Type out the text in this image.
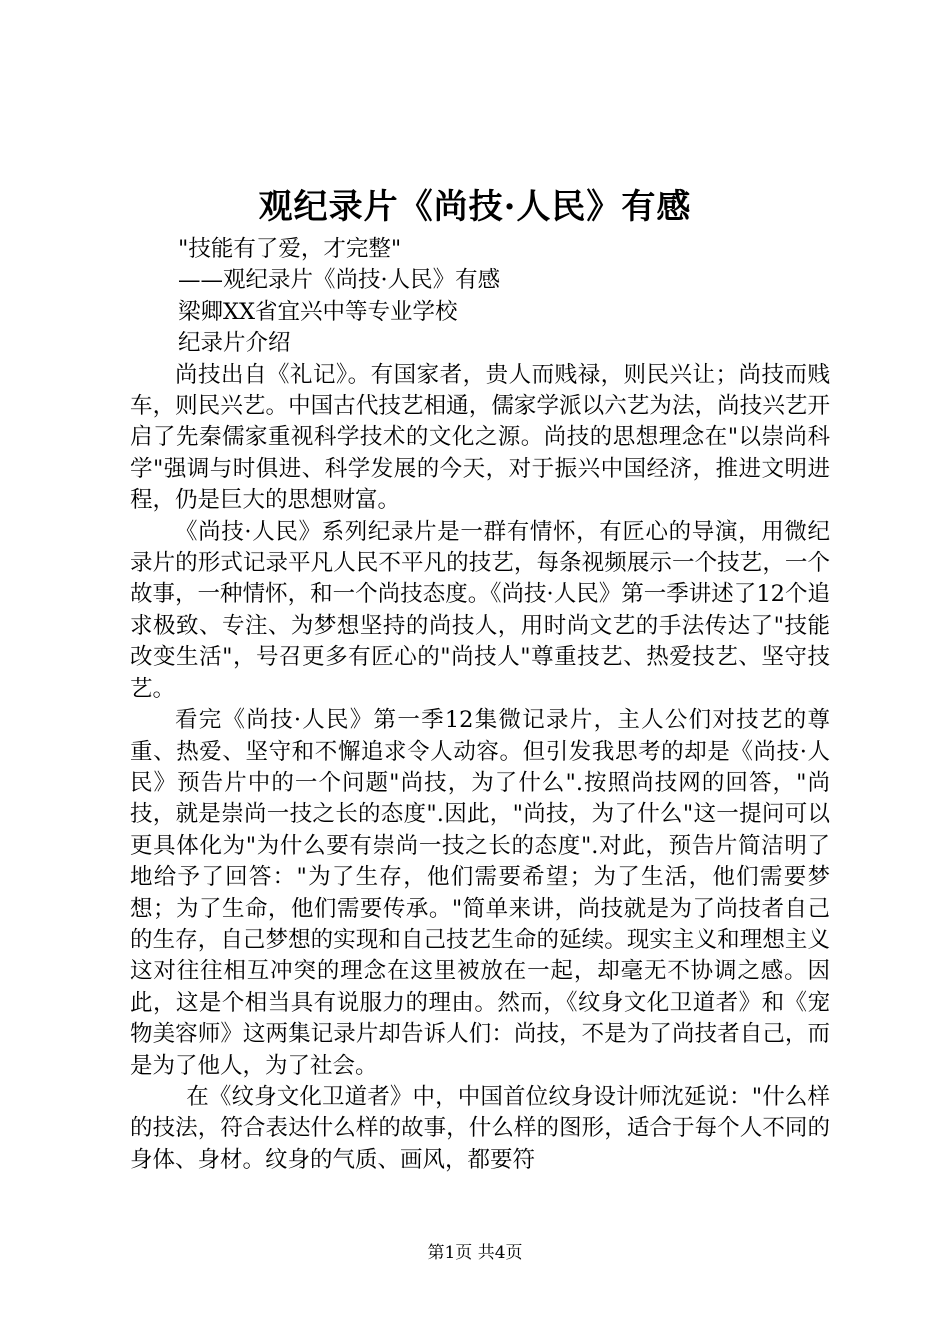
观纪录片《尚技·人民》有感
"技能有了爱，才完整"
——观纪录片《尚技·人民》有感
梁卿XX省宜兴中等专业学校
纪录片介绍

尚技出自《礼记》。有国家者，贵人而贱禄，则民兴让；尚技而贱车，则民兴艺。中国古代技艺相通，儒家学派以六艺为法，尚技兴艺开启了先秦儒家重视科学技术的文化之源。尚技的思想理念在"以崇尚科学"强调与时俱进、科学发展的今天，对于振兴中国经济，推进文明进程，仍是巨大的思想财富。

《尚技·人民》系列纪录片是一群有情怀，有匠心的导演，用微纪录片的形式记录平凡人民不平凡的技艺，每条视频展示一个技艺，一个故事，一种情怀，和一个尚技态度。《尚技·人民》第一季讲述了12个追求极致、专注、为梦想坚持的尚技人，用时尚文艺的手法传达了"技能改变生活"，号召更多有匠心的"尚技人"尊重技艺、热爱技艺、坚守技艺。

看完《尚技·人民》第一季12集微记录片，主人公们对技艺的尊重、热爱、坚守和不懈追求令人动容。但引发我思考的却是《尚技·人民》预告片中的一个问题"尚技，为了什么".按照尚技网的回答，"尚技，就是崇尚一技之长的态度".因此，"尚技，为了什么"这一提问可以更具体化为"为什么要有崇尚一技之长的态度".对此，预告片简洁明了地给予了回答："为了生存，他们需要希望；为了生活，他们需要梦想；为了生命，他们需要传承。"简单来讲，尚技就是为了尚技者自己的生存，自己梦想的实现和自己技艺生命的延续。现实主义和理想主义这对往往相互冲突的理念在这里被放在一起，却毫无不协调之感。因此，这是个相当具有说服力的理由。然而，《纹身文化卫道者》和《宠物美容师》这两集记录片却告诉人们：尚技，不是为了尚技者自己，而是为了他人，为了社会。

在《纹身文化卫道者》中，中国首位纹身设计师沈延说："什么样的技法，符合表达什么样的故事，什么样的图形，适合于每个人不同的身体、身材。纹身的气质、画风，都要符

第1页 共4页
